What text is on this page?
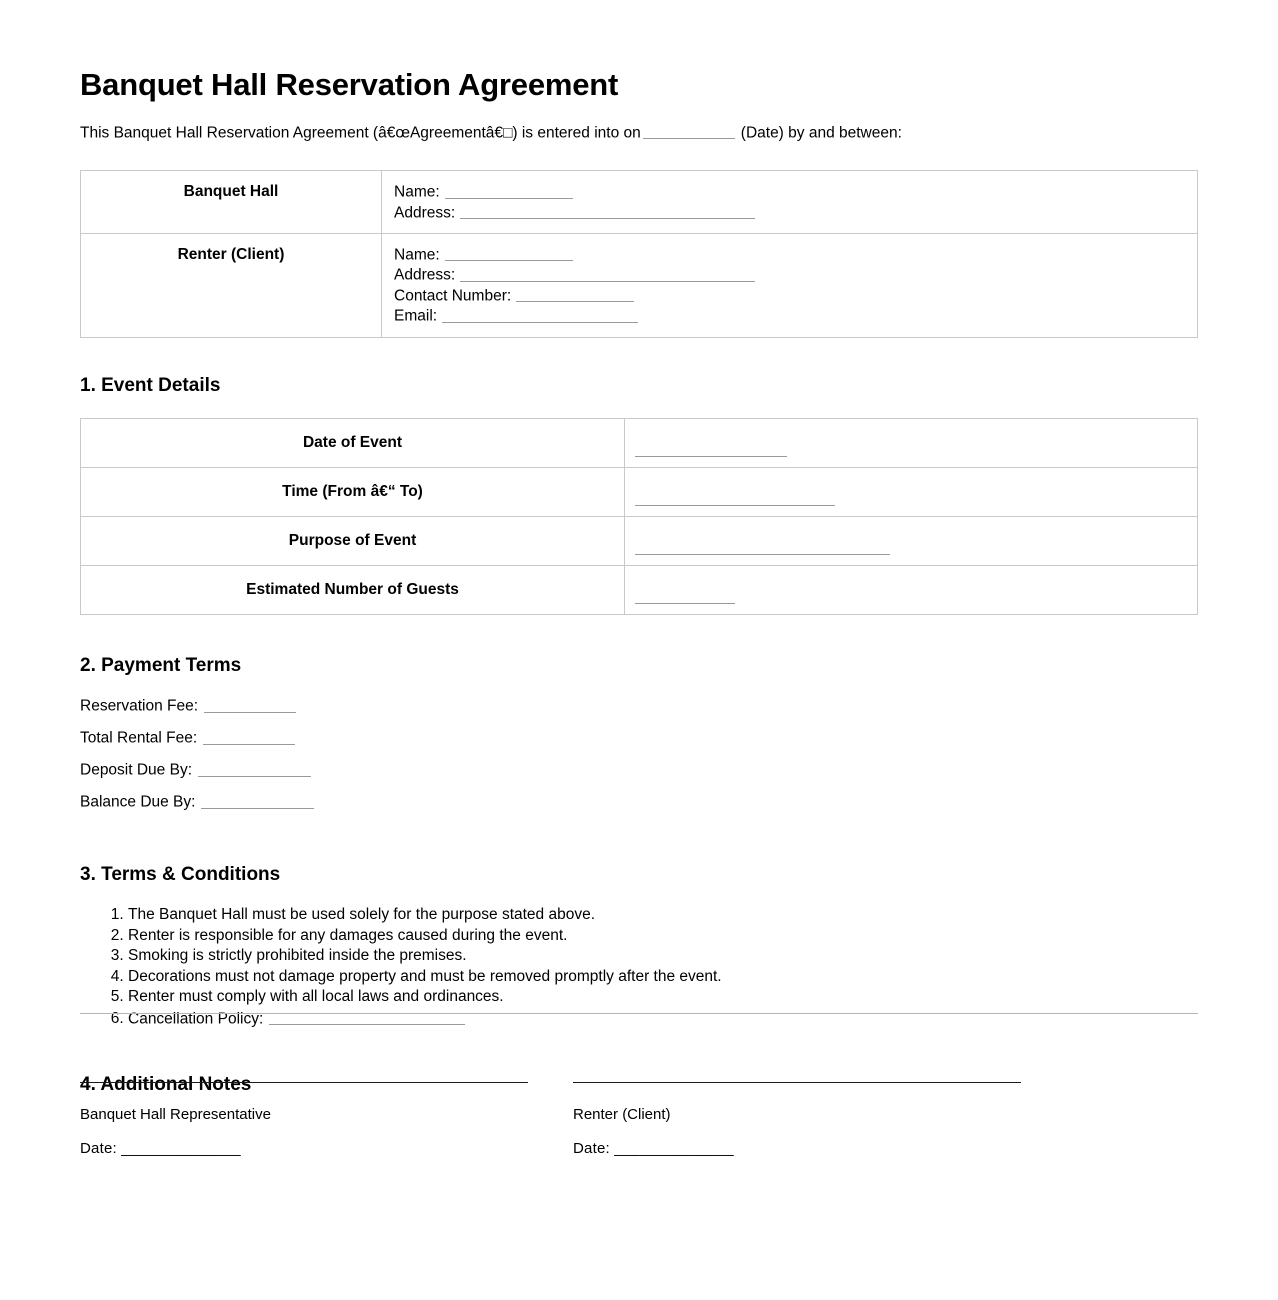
Banquet Hall Reservation Agreement

This Banquet Hall Reservation Agreement (â€œAgreementâ€□) is entered into on	(Date) by and between:

Banquet Hall	Name:
Address:

Renter (Client)	Name:
Address:
Contact Number:
Email:
1. Event Details
Date of Event	
Time (From â€“ To)	
Purpose of Event	
Estimated Number of Guests	
2. Payment Terms
Reservation Fee:
Total Rental Fee:
Deposit Due By:
Balance Due By:
3. Terms & Conditions
1. The Banquet Hall must be used solely for the purpose stated above.
2. Renter is responsible for any damages caused during the event.
3. Smoking is strictly prohibited inside the premises.
4. Decorations must not damage property and must be removed promptly after the event.
5. Renter must comply with all local laws and ordinances.
6. Cancellation Policy:
4. Additional Notes
Banquet Hall Representative
Date: ______________
Renter (Client)
Date: ______________
